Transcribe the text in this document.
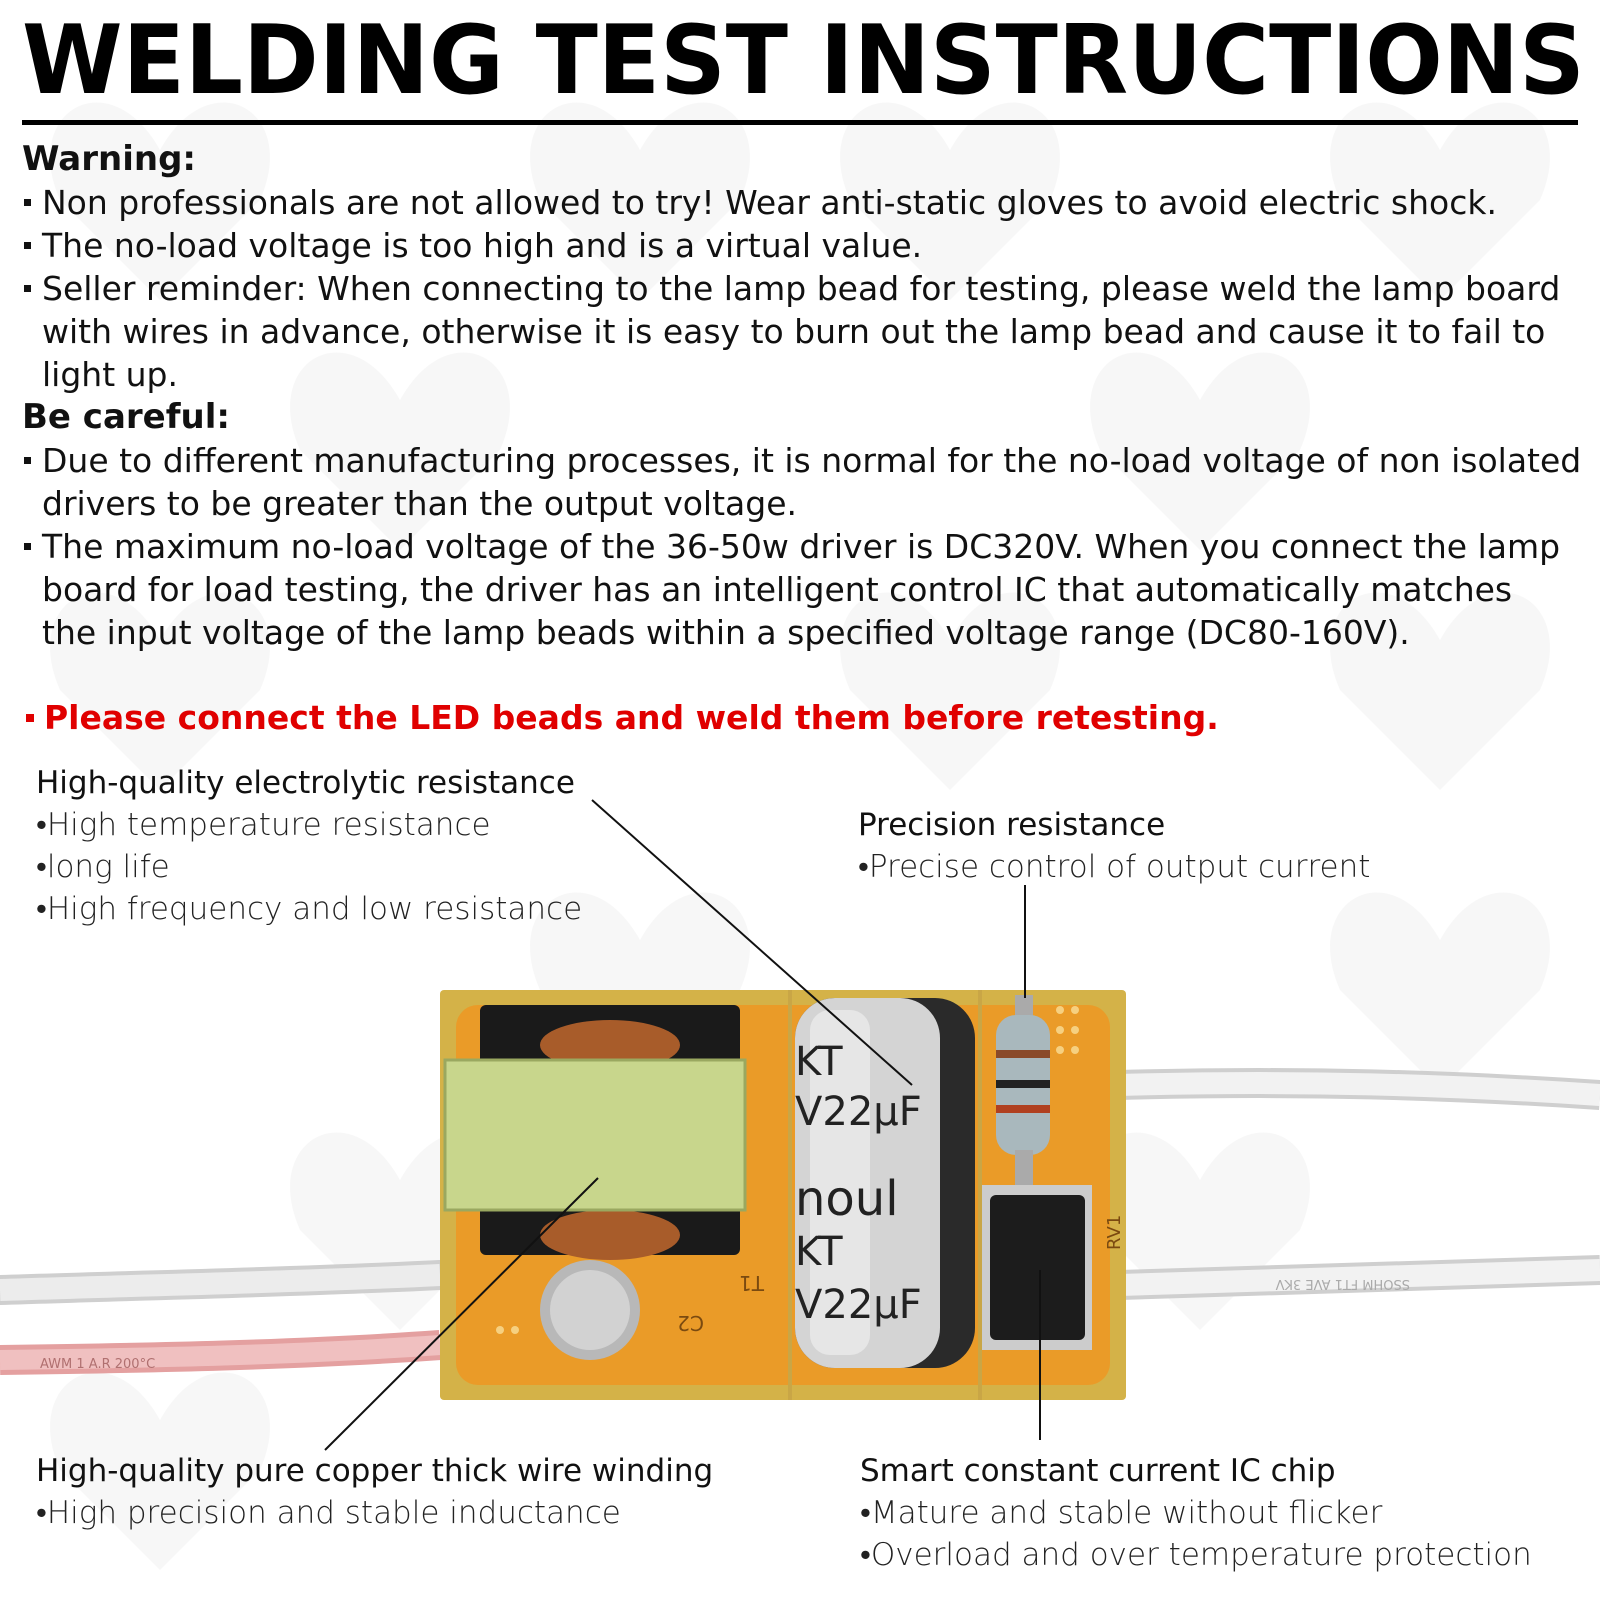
WELDING TEST INSTRUCTIONS
Warning:
Non professionals are not allowed to try! Wear anti-static gloves to avoid electric shock.
The no-load voltage is too high and is a virtual value.
Seller reminder: When connecting to the lamp bead for testing, please weld the lamp board with wires in advance, otherwise it is easy to burn out the lamp bead and cause it to fail to light up.
Be careful:
Due to different manufacturing processes, it is normal for the no-load voltage of non isolated drivers to be greater than the output voltage.
The maximum no-load voltage of the 36-50w driver is DC320V. When you connect the lamp board for load testing, the driver has an intelligent control IC that automatically matches the input voltage of the lamp beads within a specified voltage range (DC80-160V).
Please connect the LED beads and weld them before retesting.
High-quality electrolytic resistance
•High temperature resistance
•long life
•High frequency and low resistance
Precision resistance
•Precise control of output current
High-quality pure copper thick wire winding
•High precision and stable inductance
Smart constant current IC chip
•Mature and stable without flicker
•Overload and over temperature protection
AWM 1 A.R 200°C
SSOHM FT1 AVE 3KV
T1
C2
RV1
KT
V22µF
noul
KT
V22µF
